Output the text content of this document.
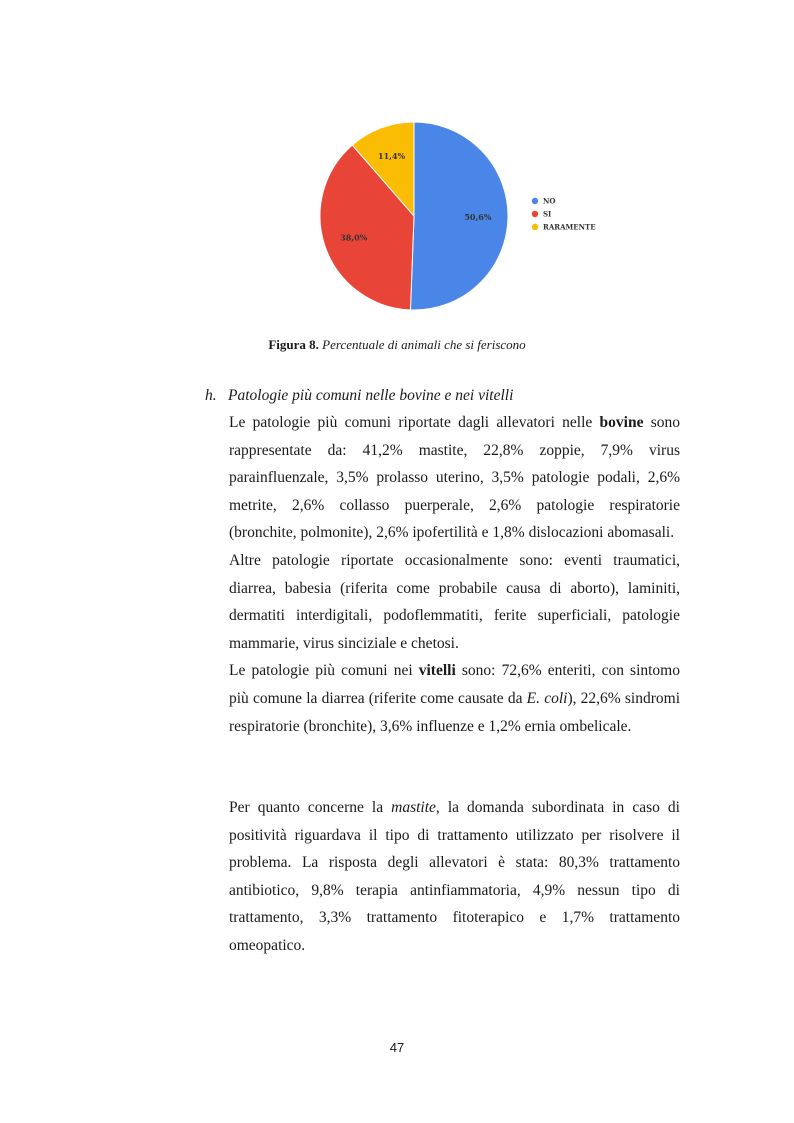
50,6%
38,0%
11,4%
NO
SI
RARAMENTE
Figura 8. Percentuale di animali che si feriscono
h. Patologie più comuni nelle bovine e nei vitelli

Le patologie più comuni riportate dagli allevatori nelle bovine sono rappresentate da: 41,2% mastite, 22,8% zoppie, 7,9% virus parainfluenzale, 3,5% prolasso uterino, 3,5% patologie podali, 2,6% metrite, 2,6% collasso puerperale, 2,6% patologie respiratorie (bronchite, polmonite), 2,6% ipofertilità e 1,8% dislocazioni abomasali.

Altre patologie riportate occasionalmente sono: eventi traumatici, diarrea, babesia (riferita come probabile causa di aborto), laminiti, dermatiti interdigitali, podoflemmatiti, ferite superficiali, patologie mammarie, virus sinciziale e chetosi.

Le patologie più comuni nei vitelli sono: 72,6% enteriti, con sintomo più comune la diarrea (riferite come causate da E. coli), 22,6% sindromi respiratorie (bronchite), 3,6% influenze e 1,2% ernia ombelicale.

Per quanto concerne la mastite, la domanda subordinata in caso di positività riguardava il tipo di trattamento utilizzato per risolvere il problema. La risposta degli allevatori è stata: 80,3% trattamento antibiotico, 9,8% terapia antinfiammatoria, 4,9% nessun tipo di trattamento, 3,3% trattamento fitoterapico e 1,7% trattamento omeopatico.

47
